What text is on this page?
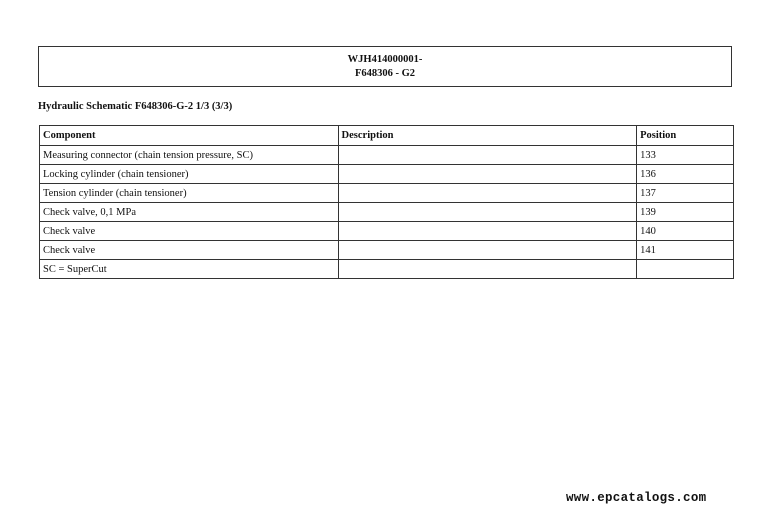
WJH414000001-
F648306 - G2
Hydraulic Schematic F648306-G-2 1/3 (3/3)
Component	Description	Position
Measuring connector (chain tension pressure, SC)		133
Locking cylinder (chain tensioner)		136
Tension cylinder (chain tensioner)		137
Check valve, 0,1 MPa		139
Check valve		140
Check valve		141
SC = SuperCut		
www.epcatalogs.com
